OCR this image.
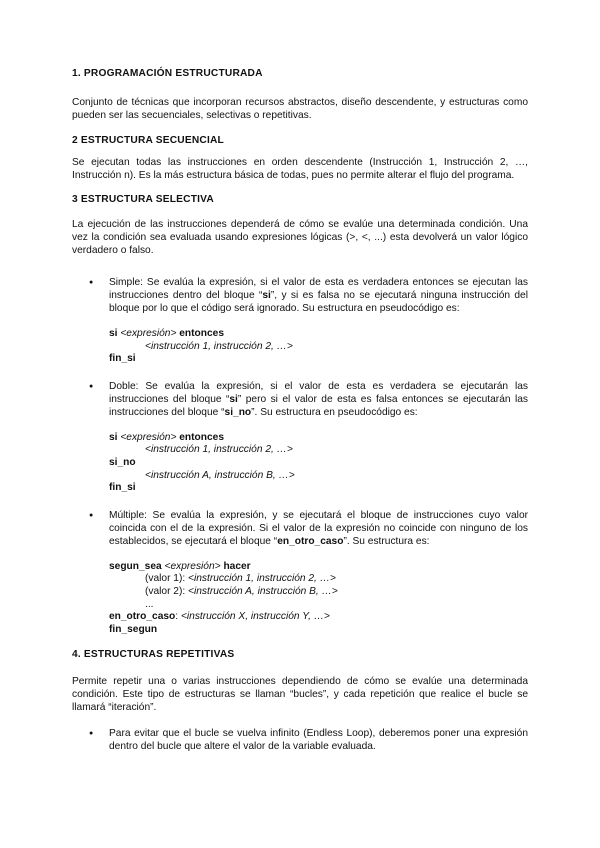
1. PROGRAMACIÓN ESTRUCTURADA

Conjunto de técnicas que incorporan recursos abstractos, diseño descendente, y estructuras como pueden ser las secuenciales, selectivas o repetitivas.

2 ESTRUCTURA SECUENCIAL

Se ejecutan todas las instrucciones en orden descendente (Instrucción 1, Instrucción 2, …, Instrucción n). Es la más estructura básica de todas, pues no permite alterar el flujo del programa.

3 ESTRUCTURA SELECTIVA

La ejecución de las instrucciones dependerá de cómo se evalúe una determinada condición. Una vez la condición sea evaluada usando expresiones lógicas (>, <, ...) esta devolverá un valor lógico verdadero o falso.

● Simple: Se evalúa la expresión, si el valor de esta es verdadera entonces se ejecutan las instrucciones dentro del bloque “si”, y si es falsa no se ejecutará ninguna instrucción del bloque por lo que el código será ignorado. Su estructura en pseudocódigo es:

si <expresión> entonces
<instrucción 1, instrucción 2, …>
fin_si

● Doble: Se evalúa la expresión, si el valor de esta es verdadera se ejecutarán las instrucciones del bloque “si” pero si el valor de esta es falsa entonces se ejecutarán las instrucciones del bloque “si_no”. Su estructura en pseudocódigo es:

si <expresión> entonces
<instrucción 1, instrucción 2, …>
si_no
<instrucción A, instrucción B, …>
fin_si

● Múltiple: Se evalúa la expresión, y se ejecutará el bloque de instrucciones cuyo valor coincida con el de la expresión. Si el valor de la expresión no coincide con ninguno de los establecidos, se ejecutará el bloque “en_otro_caso”. Su estructura es:

segun_sea <expresión> hacer
(valor 1): <instrucción 1, instrucción 2, …>
(valor 2): <instrucción A, instrucción B, …>
...
en_otro_caso: <instrucción X, instrucción Y, …>
fin_segun
4. ESTRUCTURAS REPETITIVAS

Permite repetir una o varias instrucciones dependiendo de cómo se evalúe una determinada condición. Este tipo de estructuras se llaman “bucles”, y cada repetición que realice el bucle se llamará “iteración”.

● Para evitar que el bucle se vuelva infinito (Endless Loop), deberemos poner una expresión dentro del bucle que altere el valor de la variable evaluada.
